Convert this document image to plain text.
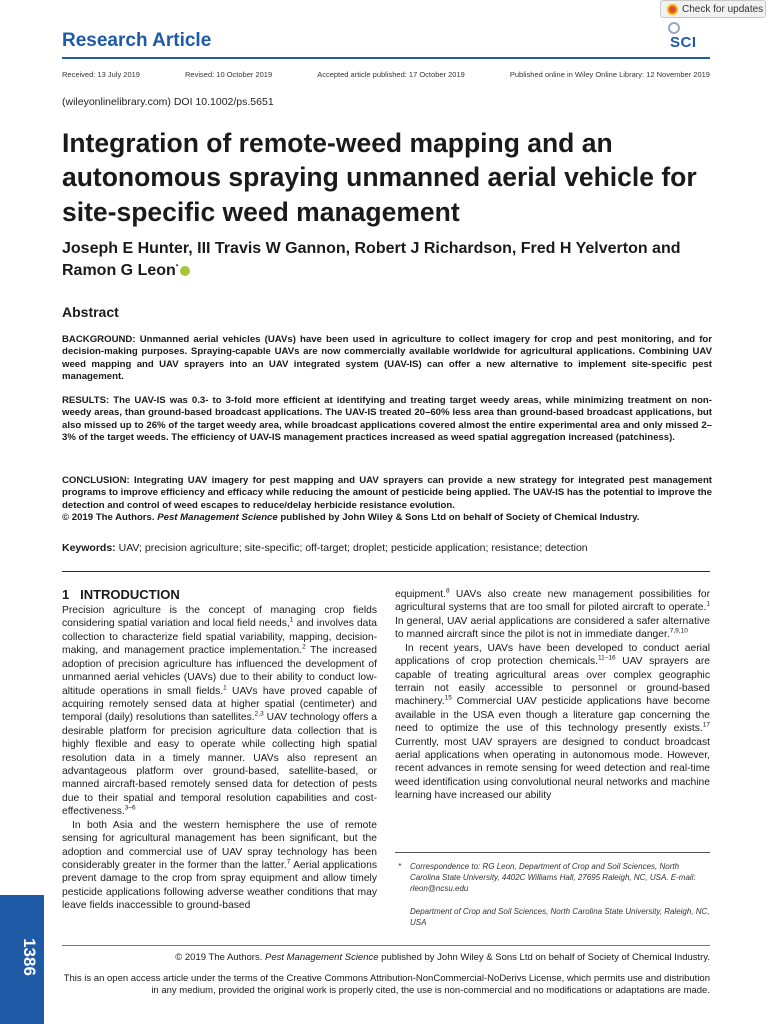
Research Article
Check for updates
SCI
Received: 13 July 2019	Revised: 10 October 2019	Accepted article published: 17 October 2019	Published online in Wiley Online Library: 12 November 2019
(wileyonlinelibrary.com) DOI 10.1002/ps.5651
Integration of remote-weed mapping and an autonomous spraying unmanned aerial vehicle for site-specific weed management
Joseph E Hunter, III Travis W Gannon, Robert J Richardson, Fred H Yelverton and Ramon G Leon*
Abstract
BACKGROUND: Unmanned aerial vehicles (UAVs) have been used in agriculture to collect imagery for crop and pest monitoring, and for decision-making purposes. Spraying-capable UAVs are now commercially available worldwide for agricultural applications. Combining UAV weed mapping and UAV sprayers into an UAV integrated system (UAV-IS) can offer a new alternative to implement site-specific pest management.
RESULTS: The UAV-IS was 0.3- to 3-fold more efficient at identifying and treating target weedy areas, while minimizing treatment on non-weedy areas, than ground-based broadcast applications. The UAV-IS treated 20–60% less area than ground-based broadcast applications, but also missed up to 26% of the target weedy area, while broadcast applications covered almost the entire experimental area and only missed 2–3% of the target weeds. The efficiency of UAV-IS management practices increased as weed spatial aggregation increased (patchiness).
CONCLUSION: Integrating UAV imagery for pest mapping and UAV sprayers can provide a new strategy for integrated pest management programs to improve efficiency and efficacy while reducing the amount of pesticide being applied. The UAV-IS has the potential to improve the detection and control of weed escapes to reduce/delay herbicide resistance evolution.
© 2019 The Authors. Pest Management Science published by John Wiley & Sons Ltd on behalf of Society of Chemical Industry.
Keywords: UAV; precision agriculture; site-specific; off-target; droplet; pesticide application; resistance; detection
1 INTRODUCTION

Precision agriculture is the concept of managing crop fields considering spatial variation and local field needs,$^1$ and involves data collection to characterize field spatial variability, mapping, decision-making, and management practice implementation.$^2$ The increased adoption of precision agriculture has influenced the development of unmanned aerial vehicles (UAVs) due to their ability to conduct low-altitude operations in small fields.$^1$ UAVs have proved capable of acquiring remotely sensed data at higher spatial (centimeter) and temporal (daily) resolutions than satellites.$^{2,3}$ UAV technology offers a desirable platform for precision agriculture data collection that is highly flexible and easy to operate while collecting high spatial resolution data in a timely manner. UAVs also represent an advantageous platform over ground-based, satellite-based, or manned aircraft-based remotely sensed data for detection of pests due to their spatial and temporal resolution capabilities and cost-effectiveness.$^{3-6}$

In both Asia and the western hemisphere the use of remote sensing for agricultural management has been significant, but the adoption and commercial use of UAV spray technology has been considerably greater in the former than the latter.$^7$ Aerial applications prevent damage to the crop from spray equipment and allow timely pesticide applications following adverse weather conditions that may leave fields inaccessible to ground-based

equipment.$^8$ UAVs also create new management possibilities for agricultural systems that are too small for piloted aircraft to operate.$^1$ In general, UAV aerial applications are considered a safer alternative to manned aircraft since the pilot is not in immediate danger.$^{7,9,10}$

In recent years, UAVs have been developed to conduct aerial applications of crop protection chemicals.$^{11-16}$ UAV sprayers are capable of treating agricultural areas over complex geographic terrain not easily accessible to personnel or ground-based machinery.$^{15}$ Commercial UAV pesticide applications have become available in the USA even though a literature gap concerning the need to optimize the use of this technology presently exists.$^{17}$ Currently, most UAV sprayers are designed to conduct broadcast aerial applications when operating in autonomous mode. However, recent advances in remote sensing for weed detection and real-time weed identification using convolutional neural networks and machine learning have increased our ability

*	Correspondence to: RG Leon, Department of Crop and Soil Sciences, North Carolina State University, 4402C Williams Hall, 27695 Raleigh, NC, USA. E-mail: rleon@ncsu.edu
Department of Crop and Soil Sciences, North Carolina State University, Raleigh, NC, USA
© 2019 The Authors. Pest Management Science published by John Wiley & Sons Ltd on behalf of Society of Chemical Industry.
This is an open access article under the terms of the Creative Commons Attribution-NonCommercial-NoDerivs License, which permits use and distribution in any medium, provided the original work is properly cited, the use is non-commercial and no modifications or adaptations are made.
1386
